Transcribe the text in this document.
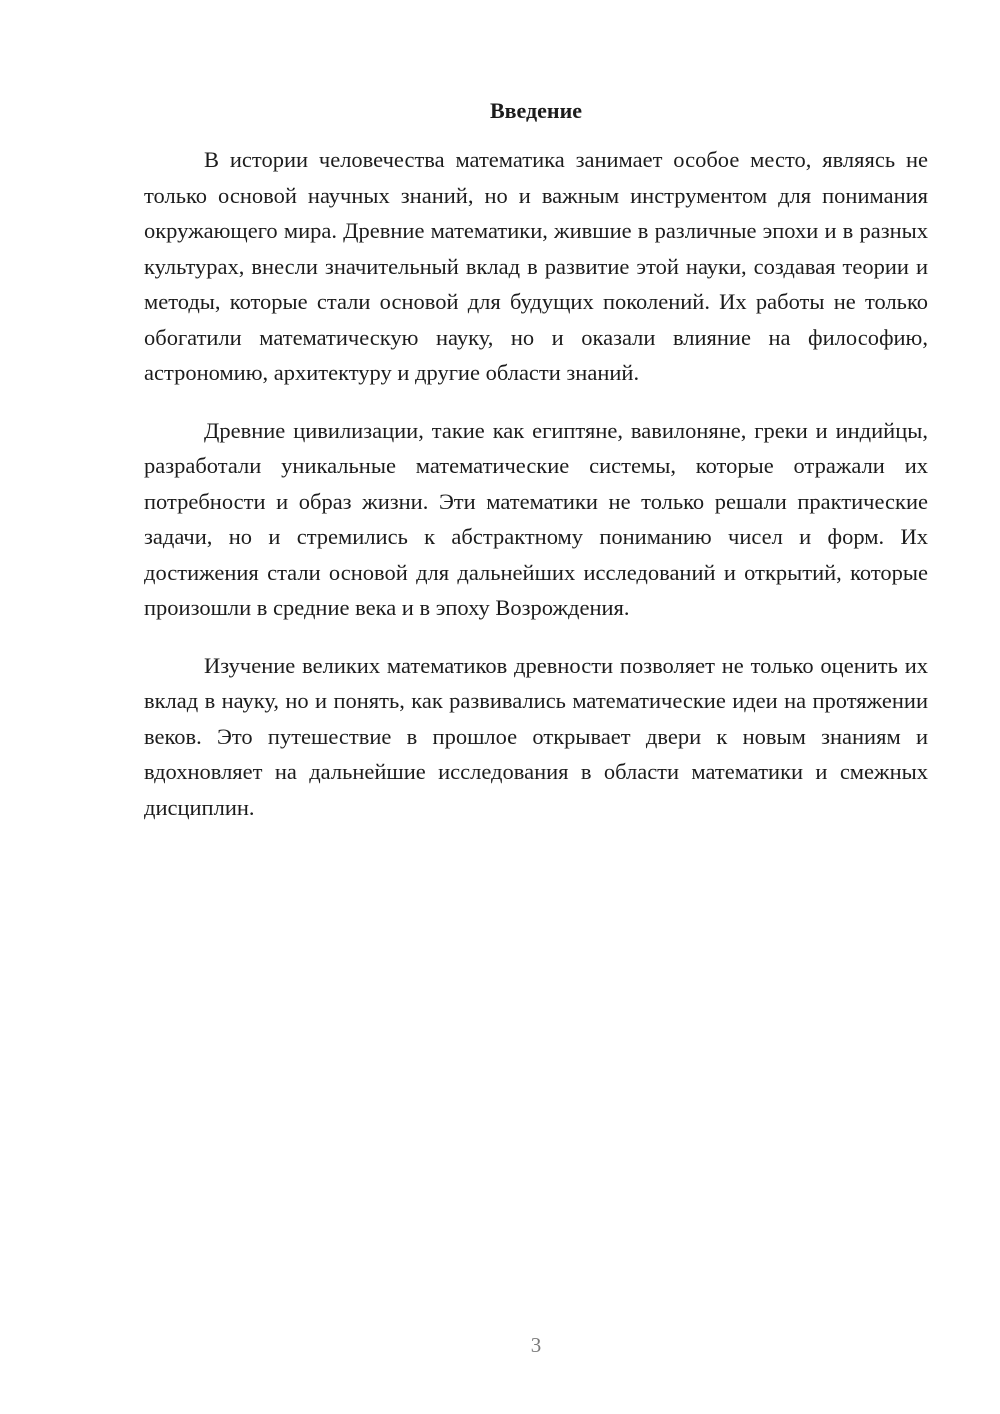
Введение

В истории человечества математика занимает особое место, являясь не только основой научных знаний, но и важным инструментом для понимания окружающего мира. Древние математики, жившие в различные эпохи и в разных культурах, внесли значительный вклад в развитие этой науки, создавая теории и методы, которые стали основой для будущих поколений. Их работы не только обогатили математическую науку, но и оказали влияние на философию, астрономию, архитектуру и другие области знаний.

Древние цивилизации, такие как египтяне, вавилоняне, греки и индийцы, разработали уникальные математические системы, которые отражали их потребности и образ жизни. Эти математики не только решали практические задачи, но и стремились к абстрактному пониманию чисел и форм. Их достижения стали основой для дальнейших исследований и открытий, которые произошли в средние века и в эпоху Возрождения.

Изучение великих математиков древности позволяет не только оценить их вклад в науку, но и понять, как развивались математические идеи на протяжении веков. Это путешествие в прошлое открывает двери к новым знаниям и вдохновляет на дальнейшие исследования в области математики и смежных дисциплин.

3
